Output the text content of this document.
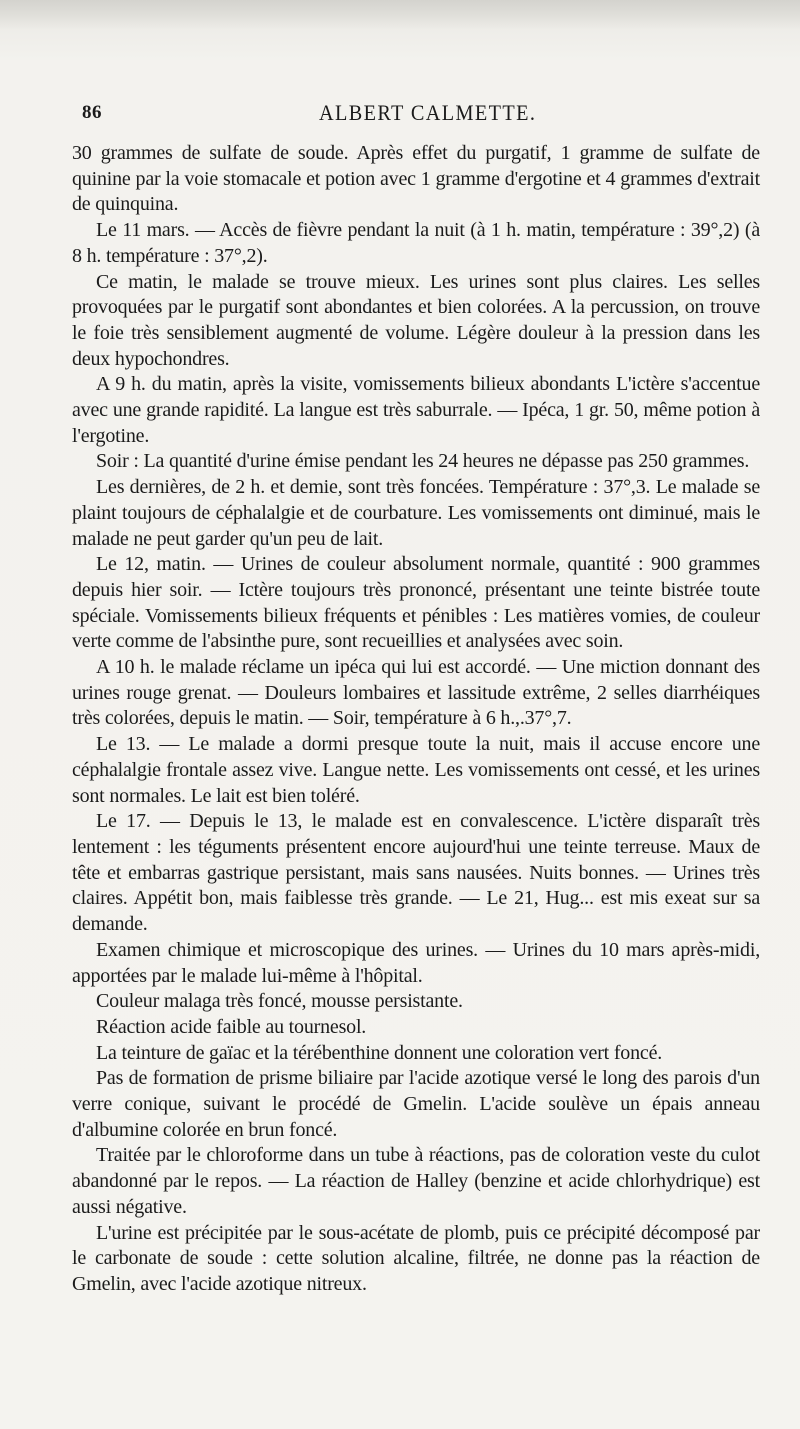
86	ALBERT CALMETTE.

30 grammes de sulfate de soude. Après effet du purgatif, 1 gramme de sulfate de quinine par la voie stomacale et potion avec 1 gramme d'ergotine et 4 grammes d'extrait de quinquina.

Le 11 mars. — Accès de fièvre pendant la nuit (à 1 h. matin, température : 39°,2) (à 8 h. température : 37°,2).

Ce matin, le malade se trouve mieux. Les urines sont plus claires. Les selles provoquées par le purgatif sont abondantes et bien colorées. A la percussion, on trouve le foie très sensiblement augmenté de volume. Légère douleur à la pression dans les deux hypochondres.

A 9 h. du matin, après la visite, vomissements bilieux abondants L'ictère s'accentue avec une grande rapidité. La langue est très saburrale. — Ipéca, 1 gr. 50, même potion à l'ergotine.

Soir : La quantité d'urine émise pendant les 24 heures ne dépasse pas 250 grammes.

Les dernières, de 2 h. et demie, sont très foncées. Température : 37°,3. Le malade se plaint toujours de céphalalgie et de courbature. Les vomissements ont diminué, mais le malade ne peut garder qu'un peu de lait.

Le 12, matin. — Urines de couleur absolument normale, quantité : 900 grammes depuis hier soir. — Ictère toujours très prononcé, présentant une teinte bistrée toute spéciale. Vomissements bilieux fréquents et pénibles : Les matières vomies, de couleur verte comme de l'absinthe pure, sont recueillies et analysées avec soin.

A 10 h. le malade réclame un ipéca qui lui est accordé. — Une miction donnant des urines rouge grenat. — Douleurs lombaires et lassitude extrême, 2 selles diarrhéiques très colorées, depuis le matin. — Soir, température à 6 h.,.37°,7.

Le 13. — Le malade a dormi presque toute la nuit, mais il accuse encore une céphalalgie frontale assez vive. Langue nette. Les vomissements ont cessé, et les urines sont normales. Le lait est bien toléré.

Le 17. — Depuis le 13, le malade est en convalescence. L'ictère disparaît très lentement : les téguments présentent encore aujourd'hui une teinte terreuse. Maux de tête et embarras gastrique persistant, mais sans nausées. Nuits bonnes. — Urines très claires. Appétit bon, mais faiblesse très grande. — Le 21, Hug... est mis exeat sur sa demande.

Examen chimique et microscopique des urines. — Urines du 10 mars après-midi, apportées par le malade lui-même à l'hôpital.

Couleur malaga très foncé, mousse persistante.

Réaction acide faible au tournesol.

La teinture de gaïac et la térébenthine donnent une coloration vert foncé.

Pas de formation de prisme biliaire par l'acide azotique versé le long des parois d'un verre conique, suivant le procédé de Gmelin. L'acide soulève un épais anneau d'albumine colorée en brun foncé.

Traitée par le chloroforme dans un tube à réactions, pas de coloration veste du culot abandonné par le repos. — La réaction de Halley (benzine et acide chlorhydrique) est aussi négative.

L'urine est précipitée par le sous-acétate de plomb, puis ce précipité décomposé par le carbonate de soude : cette solution alcaline, filtrée, ne donne pas la réaction de Gmelin, avec l'acide azotique nitreux.
